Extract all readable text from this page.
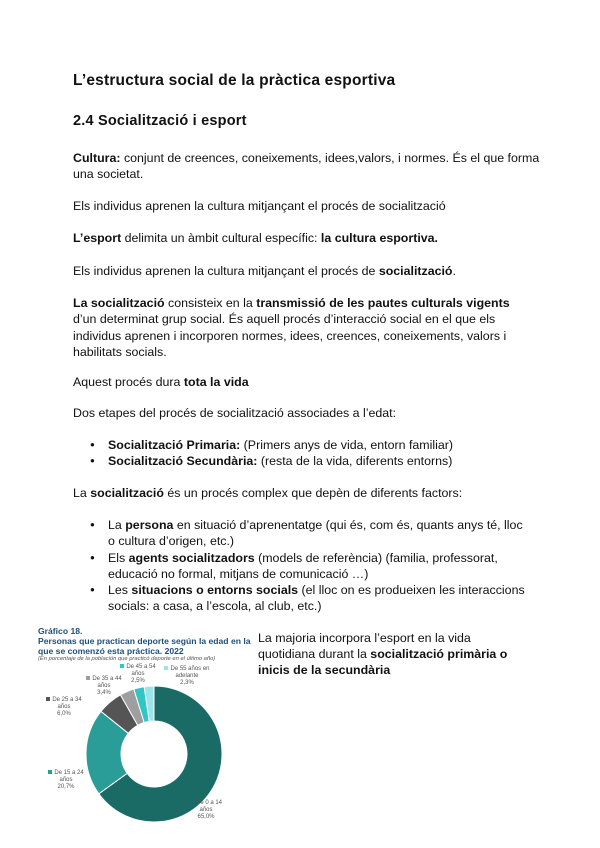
L’estructura social de la pràctica esportiva
2.4 Socialització i esport
Cultura: conjunt de creences, coneixements, idees,valors, i normes. És el que forma una societat.
Els individus aprenen la cultura mitjançant el procés de socialització
L’esport delimita un àmbit cultural específic: la cultura esportiva.
Els individus aprenen la cultura mitjançant el procés de socialització.
La socialització consisteix en la transmissió de les pautes culturals vigents d’un determinat grup social. És aquell procés d’interacció social en el que els individus aprenen i incorporen normes, idees, creences, coneixements, valors i habilitats socials.
Aquest procés dura tota la vida
Dos etapes del procés de socialització associades a l’edat:
● Socialització Primaria: (Primers anys de vida, entorn familiar)
● Socialització Secundària: (resta de la vida, diferents entorns)
La socialització és un procés complex que depèn de diferents factors:
● La persona en situació d’aprenentatge (qui és, com és, quants anys té, lloc o cultura d’origen, etc.)
● Els agents socialitzadors (models de referència) (familia, professorat, educació no formal, mitjans de comunicació …)
● Les situacions o entorns socials (el lloc on es produeixen les interaccions socials: a casa, a l’escola, al club, etc.)
Gráfico 18.
Personas que practican deporte según la edad en la que se comenzó esta práctica. 2022
(En porcentaje de la población que practicó deporte en el último año)
De 0 a 14 años
65,0%
De 15 a 24 años
20,7%
De 25 a 34 años
6,0%
De 35 a 44 años
3,4%
De 45 a 54 años
2,5%
De 55 años en adelante
2,3%
La majoria incorpora l’esport en la vida quotidiana durant la socialització primària o inicis de la secundària
